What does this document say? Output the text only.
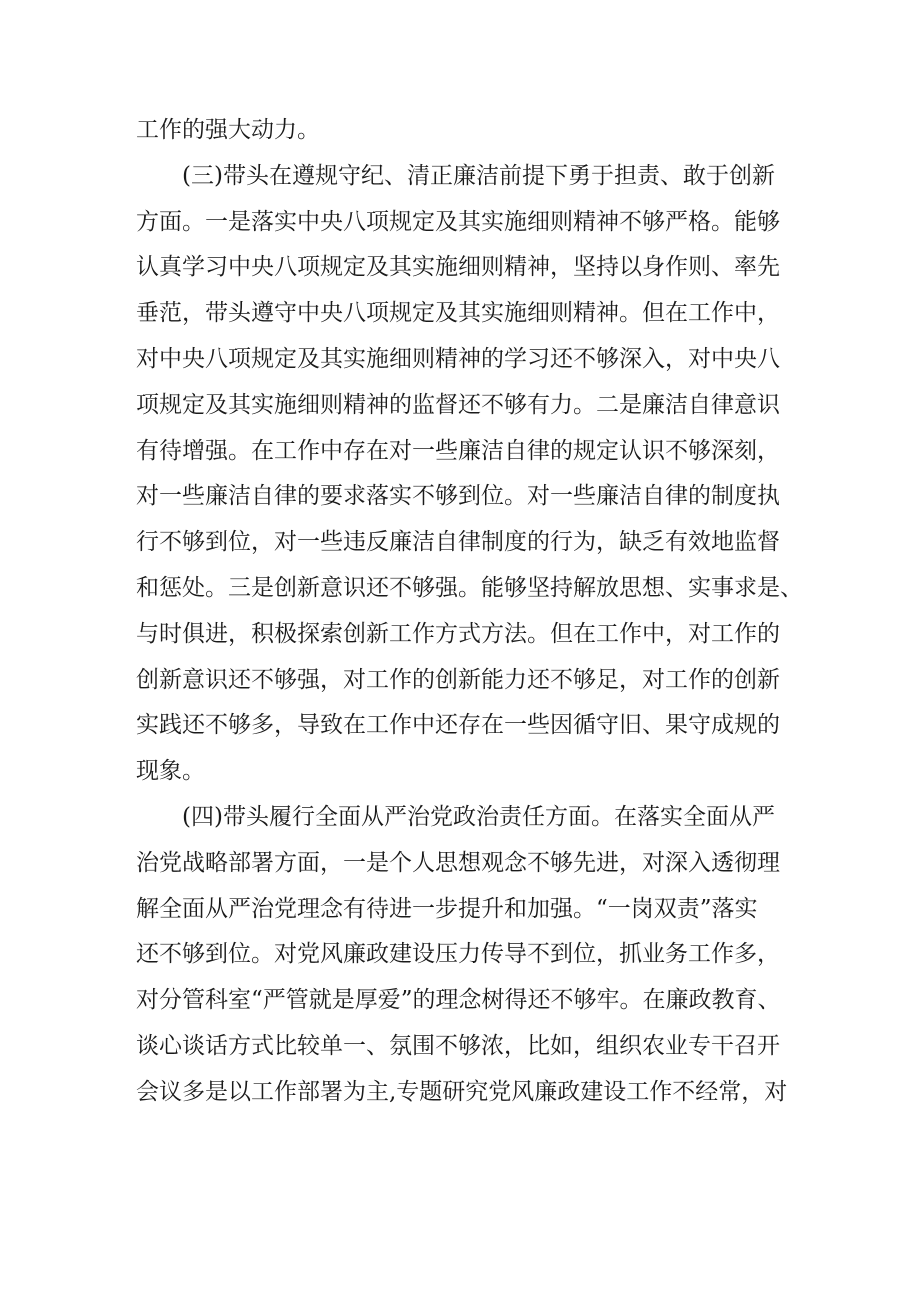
工作的强大动力。
(三)带头在遵规守纪、清正廉洁前提下勇于担责、敢于创新
方面。一是落实中央八项规定及其实施细则精神不够严格。能够
认真学习中央八项规定及其实施细则精神，坚持以身作则、率先
垂范，带头遵守中央八项规定及其实施细则精神。但在工作中，
对中央八项规定及其实施细则精神的学习还不够深入，对中央八
项规定及其实施细则精神的监督还不够有力。二是廉洁自律意识
有待增强。在工作中存在对一些廉洁自律的规定认识不够深刻，
对一些廉洁自律的要求落实不够到位。对一些廉洁自律的制度执
行不够到位，对一些违反廉洁自律制度的行为，缺乏有效地监督
和惩处。三是创新意识还不够强。能够坚持解放思想、实事求是、
与时俱进，积极探索创新工作方式方法。但在工作中，对工作的
创新意识还不够强，对工作的创新能力还不够足，对工作的创新
实践还不够多，导致在工作中还存在一些因循守旧、果守成规的
现象。
(四)带头履行全面从严治党政治责任方面。在落实全面从严
治党战略部署方面，一是个人思想观念不够先进，对深入透彻理
解全面从严治党理念有待进一步提升和加强。“一岗双责”落实
还不够到位。对党风廉政建设压力传导不到位，抓业务工作多，
对分管科室“严管就是厚爱”的理念树得还不够牢。在廉政教育、
谈心谈话方式比较单一、氛围不够浓，比如，组织农业专干召开
会议多是以工作部署为主,专题研究党风廉政建设工作不经常，对
